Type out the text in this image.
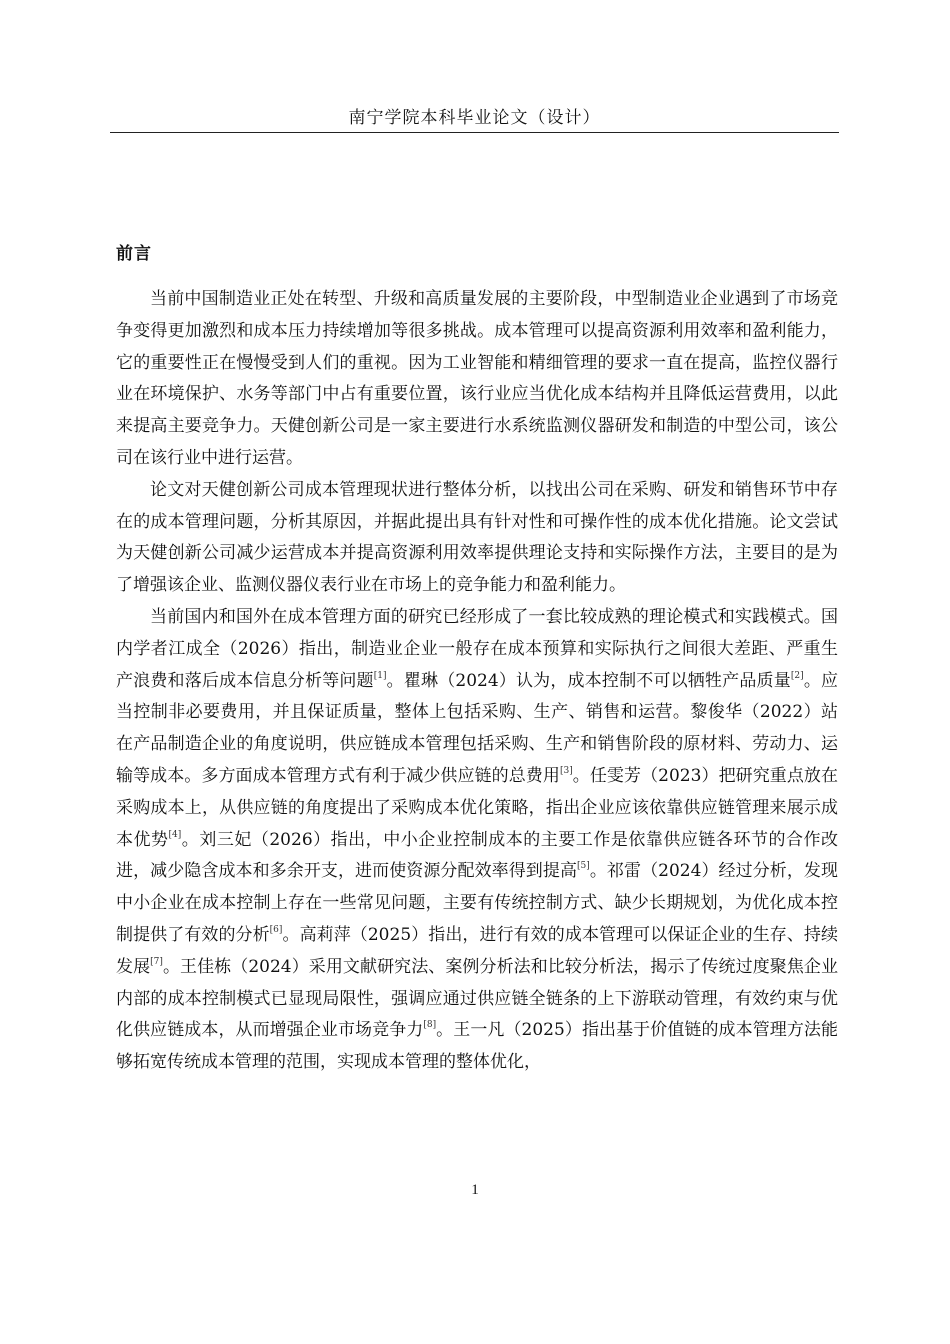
南宁学院本科毕业论文（设计）
前言

当前中国制造业正处在转型、升级和高质量发展的主要阶段，中型制造业企业遇到了市场竞争变得更加激烈和成本压力持续增加等很多挑战。成本管理可以提高资源利用效率和盈利能力，它的重要性正在慢慢受到人们的重视。因为工业智能和精细管理的要求一直在提高，监控仪器行业在环境保护、水务等部门中占有重要位置，该行业应当优化成本结构并且降低运营费用，以此来提高主要竞争力。天健创新公司是一家主要进行水系统监测仪器研发和制造的中型公司，该公司在该行业中进行运营。

论文对天健创新公司成本管理现状进行整体分析，以找出公司在采购、研发和销售环节中存在的成本管理问题，分析其原因，并据此提出具有针对性和可操作性的成本优化措施。论文尝试为天健创新公司减少运营成本并提高资源利用效率提供理论支持和实际操作方法，主要目的是为了增强该企业、监测仪器仪表行业在市场上的竞争能力和盈利能力。

当前国内和国外在成本管理方面的研究已经形成了一套比较成熟的理论模式和实践模式。国内学者江成全（2026）指出，制造业企业一般存在成本预算和实际执行之间很大差距、严重生产浪费和落后成本信息分析等问题[1]。瞿琳（2024）认为，成本控制不可以牺牲产品质量[2]。应当控制非必要费用，并且保证质量，整体上包括采购、生产、销售和运营。黎俊华（2022）站在产品制造企业的角度说明，供应链成本管理包括采购、生产和销售阶段的原材料、劳动力、运输等成本。多方面成本管理方式有利于减少供应链的总费用[3]。任雯芳（2023）把研究重点放在采购成本上，从供应链的角度提出了采购成本优化策略，指出企业应该依靠供应链管理来展示成本优势[4]。刘三妃（2026）指出，中小企业控制成本的主要工作是依靠供应链各环节的合作改进，减少隐含成本和多余开支，进而使资源分配效率得到提高[5]。祁雷（2024）经过分析，发现中小企业在成本控制上存在一些常见问题，主要有传统控制方式、缺少长期规划，为优化成本控制提供了有效的分析[6]。高莉萍（2025）指出，进行有效的成本管理可以保证企业的生存、持续发展[7]。王佳栋（2024）采用文献研究法、案例分析法和比较分析法，揭示了传统过度聚焦企业内部的成本控制模式已显现局限性，强调应通过供应链全链条的上下游联动管理，有效约束与优化供应链成本，从而增强企业市场竞争力[8]。王一凡（2025）指出基于价值链的成本管理方法能够拓宽传统成本管理的范围，实现成本管理的整体优化，

1
